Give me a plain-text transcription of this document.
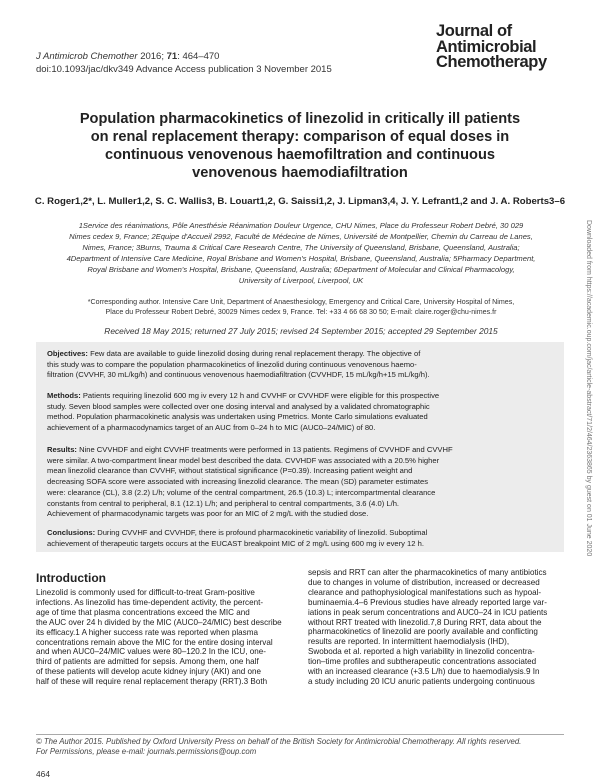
J Antimicrob Chemother 2016; 71: 464–470
doi:10.1093/jac/dkv349 Advance Access publication 3 November 2015
Journal of
Antimicrobial
Chemotherapy
Population pharmacokinetics of linezolid in critically ill patients
on renal replacement therapy: comparison of equal doses in
continuous venovenous haemofiltration and continuous
venovenous haemodiafiltration
C. Roger1,2*, L. Muller1,2, S. C. Wallis3, B. Louart1,2, G. Saissi1,2, J. Lipman3,4, J. Y. Lefrant1,2 and J. A. Roberts3–6
1Service des réanimations, Pôle Anesthésie Réanimation Douleur Urgence, CHU Nimes, Place du Professeur Robert Debré, 30 029
Nimes cedex 9, France; 2Equipe d'Accueil 2992, Faculté de Médecine de Nimes, Université de Montpellier, Chemin du Carreau de Lanes,
Nimes, France; 3Burns, Trauma & Critical Care Research Centre, The University of Queensland, Brisbane, Queensland, Australia;
4Department of Intensive Care Medicine, Royal Brisbane and Women's Hospital, Brisbane, Queensland, Australia; 5Pharmacy Department,
Royal Brisbane and Women's Hospital, Brisbane, Queensland, Australia; 6Department of Molecular and Clinical Pharmacology,
University of Liverpool, Liverpool, UK
*Corresponding author. Intensive Care Unit, Department of Anaesthesiology, Emergency and Critical Care, University Hospital of Nimes,
Place du Professeur Robert Debré, 30029 Nimes cedex 9, France. Tel: +33 4 66 68 30 50; E-mail: claire.roger@chu-nimes.fr
Received 18 May 2015; returned 27 July 2015; revised 24 September 2015; accepted 29 September 2015
Objectives: Few data are available to guide linezolid dosing during renal replacement therapy. The objective of
this study was to compare the population pharmacokinetics of linezolid during continuous venovenous haemo-
filtration (CVVHF, 30 mL/kg/h) and continuous venovenous haemodiafiltration (CVVHDF, 15 mL/kg/h+15 mL/kg/h).
Methods: Patients requiring linezolid 600 mg iv every 12 h and CVVHF or CVVHDF were eligible for this prospective
study. Seven blood samples were collected over one dosing interval and analysed by a validated chromatographic
method. Population pharmacokinetic analysis was undertaken using Pmetrics. Monte Carlo simulations evaluated
achievement of a pharmacodynamics target of an AUC from 0–24 h to MIC (AUC0–24/MIC) of 80.
Results: Nine CVVHDF and eight CVVHF treatments were performed in 13 patients. Regimens of CVVHDF and CVVHF
were similar. A two-compartment linear model best described the data. CVVHDF was associated with a 20.5% higher
mean linezolid clearance than CVVHF, without statistical significance (P=0.39). Increasing patient weight and
decreasing SOFA score were associated with increasing linezolid clearance. The mean (SD) parameter estimates
were: clearance (CL), 3.8 (2.2) L/h; volume of the central compartment, 26.5 (10.3) L; intercompartmental clearance
constants from central to peripheral, 8.1 (12.1) L/h; and peripheral to central compartments, 3.6 (4.0) L/h.
Achievement of pharmacodynamic targets was poor for an MIC of 2 mg/L with the studied dose.
Conclusions: During CVVHF and CVVHDF, there is profound pharmacokinetic variability of linezolid. Suboptimal
achievement of therapeutic targets occurs at the EUCAST breakpoint MIC of 2 mg/L using 600 mg iv every 12 h.
Introduction
Linezolid is commonly used for difficult-to-treat Gram-positive
infections. As linezolid has time-dependent activity, the percent-
age of time that plasma concentrations exceed the MIC and
the AUC over 24 h divided by the MIC (AUC0–24/MIC) best describe
its efficacy.1 A higher success rate was reported when plasma
concentrations remain above the MIC for the entire dosing interval
and when AUC0–24/MIC values were 80–120.2 In the ICU, one-
third of patients are admitted for sepsis. Among them, one half
of these patients will develop acute kidney injury (AKI) and one
half of these will require renal replacement therapy (RRT).3 Both
sepsis and RRT can alter the pharmacokinetics of many antibiotics
due to changes in volume of distribution, increased or decreased
clearance and pathophysiological manifestations such as hypoal-
buminaemia.4–6 Previous studies have already reported large var-
iations in peak serum concentrations and AUC0–24 in ICU patients
without RRT treated with linezolid.7,8 During RRT, data about the
pharmacokinetics of linezolid are poorly available and conflicting
results are reported. In intermittent haemodialysis (IHD),
Swoboda et al. reported a high variability in linezolid concentra-
tion–time profiles and subtherapeutic concentrations associated
with an increased clearance (+3.5 L/h) due to haemodialysis.9 In
a study including 20 ICU anuric patients undergoing continuous
© The Author 2015. Published by Oxford University Press on behalf of the British Society for Antimicrobial Chemotherapy. All rights reserved.
For Permissions, please e-mail: journals.permissions@oup.com
464
Downloaded from https://academic.oup.com/jac/article-abstract/71/2/464/2363865 by guest on 01 June 2020
